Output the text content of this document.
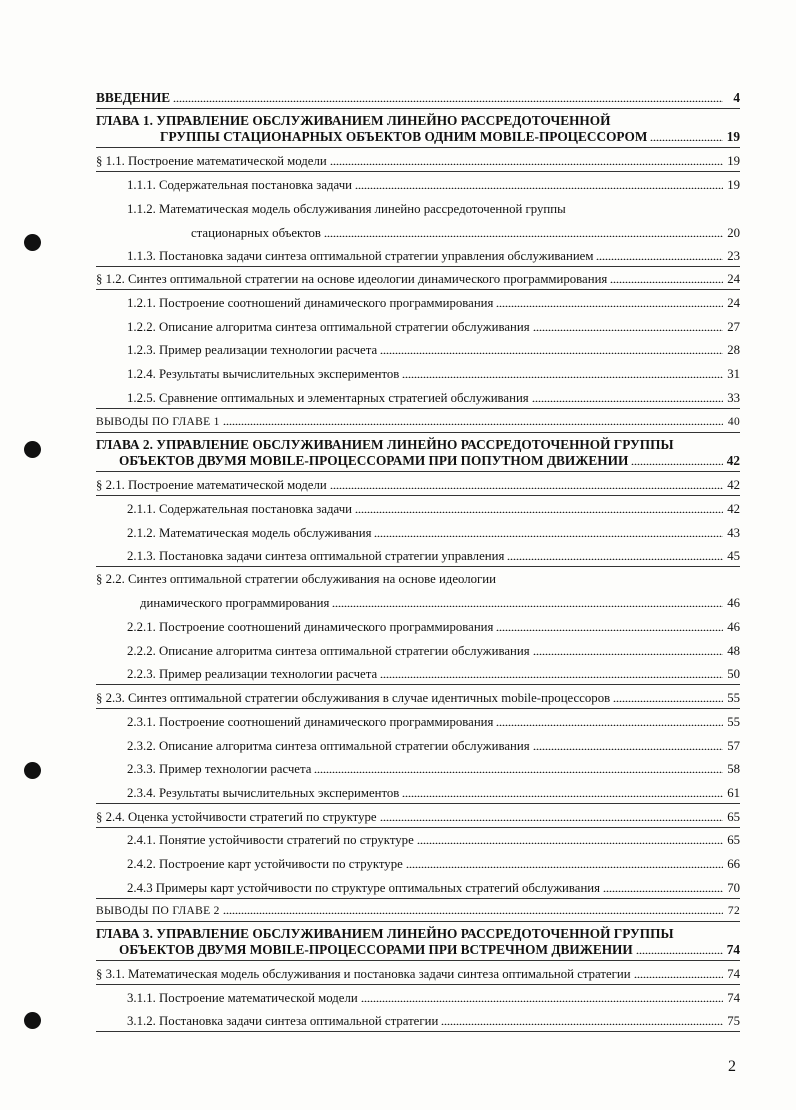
ВВЕДЕНИЕ	4
ГЛАВА 1. УПРАВЛЕНИЕ ОБСЛУЖИВАНИЕМ ЛИНЕЙНО РАССРЕДОТОЧЕННОЙ
ГРУППЫ СТАЦИОНАРНЫХ ОБЪЕКТОВ ОДНИМ MOBILE-ПРОЦЕССОРОМ	19
§ 1.1. Построение математической модели	19
1.1.1. Содержательная постановка задачи	19
1.1.2. Математическая модель обслуживания линейно рассредоточенной группы
стационарных объектов	20
1.1.3. Постановка задачи синтеза оптимальной стратегии управления обслуживанием	23
§ 1.2. Синтез оптимальной стратегии на основе идеологии динамического программирования	24
1.2.1. Построение соотношений динамического программирования	24
1.2.2. Описание алгоритма синтеза оптимальной стратегии обслуживания	27
1.2.3. Пример реализации технологии расчета	28
1.2.4. Результаты вычислительных экспериментов	31
1.2.5. Сравнение оптимальных и элементарных стратегией обслуживания	33
ВЫВОДЫ ПО ГЛАВЕ 1	40
ГЛАВА 2. УПРАВЛЕНИЕ ОБСЛУЖИВАНИЕМ ЛИНЕЙНО РАССРЕДОТОЧЕННОЙ ГРУППЫ
ОБЪЕКТОВ ДВУМЯ MOBILE-ПРОЦЕССОРАМИ ПРИ ПОПУТНОМ ДВИЖЕНИИ	42
§ 2.1. Построение математической модели	42
2.1.1. Содержательная постановка задачи	42
2.1.2. Математическая модель обслуживания	43
2.1.3. Постановка задачи синтеза оптимальной стратегии управления	45
§ 2.2. Синтез оптимальной стратегии обслуживания на основе идеологии
динамического программирования	46
2.2.1. Построение соотношений динамического программирования	46
2.2.2. Описание алгоритма синтеза оптимальной стратегии обслуживания	48
2.2.3. Пример реализации технологии расчета	50
§ 2.3. Синтез оптимальной стратегии обслуживания в случае идентичных mobile-процессоров	55
2.3.1. Построение соотношений динамического программирования	55
2.3.2. Описание алгоритма синтеза оптимальной стратегии обслуживания	57
2.3.3. Пример технологии расчета	58
2.3.4. Результаты вычислительных экспериментов	61
§ 2.4. Оценка устойчивости стратегий по структуре	65
2.4.1. Понятие устойчивости стратегий по структуре	65
2.4.2. Построение карт устойчивости по структуре	66
2.4.3 Примеры карт устойчивости по структуре оптимальных стратегий обслуживания	70
ВЫВОДЫ ПО ГЛАВЕ 2	72
ГЛАВА 3. УПРАВЛЕНИЕ ОБСЛУЖИВАНИЕМ ЛИНЕЙНО РАССРЕДОТОЧЕННОЙ ГРУППЫ
ОБЪЕКТОВ ДВУМЯ MOBILE-ПРОЦЕССОРАМИ ПРИ ВСТРЕЧНОМ ДВИЖЕНИИ	74
§ 3.1. Математическая модель обслуживания и постановка задачи синтеза оптимальной стратегии	74
3.1.1. Построение математической модели	74
3.1.2. Постановка задачи синтеза оптимальной стратегии	75
2
